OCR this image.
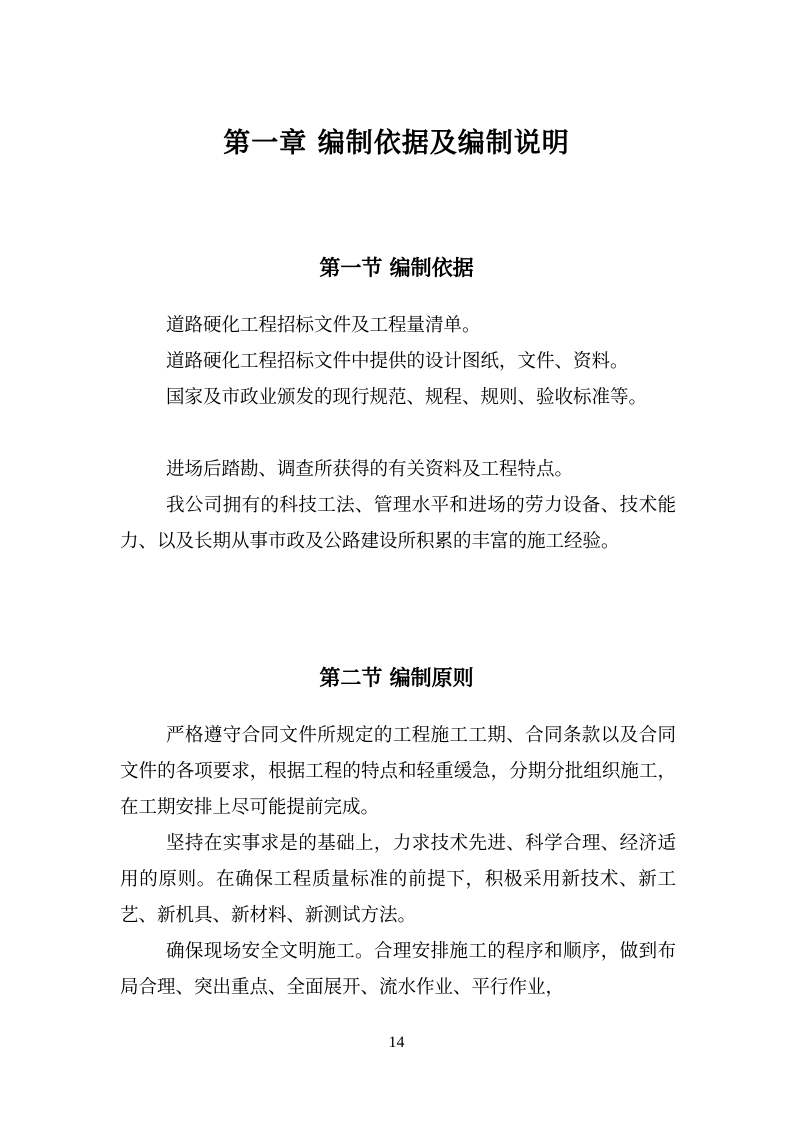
第一章 编制依据及编制说明
第一节 编制依据

道路硬化工程招标文件及工程量清单。

道路硬化工程招标文件中提供的设计图纸，文件、资料。

国家及市政业颁发的现行规范、规程、规则、验收标准等。

进场后踏勘、调查所获得的有关资料及工程特点。

我公司拥有的科技工法、管理水平和进场的劳力设备、技术能力、以及长期从事市政及公路建设所积累的丰富的施工经验。

第二节 编制原则

严格遵守合同文件所规定的工程施工工期、合同条款以及合同文件的各项要求，根据工程的特点和轻重缓急，分期分批组织施工，在工期安排上尽可能提前完成。

坚持在实事求是的基础上，力求技术先进、科学合理、经济适用的原则。在确保工程质量标准的前提下，积极采用新技术、新工艺、新机具、新材料、新测试方法。

确保现场安全文明施工。合理安排施工的程序和顺序，做到布局合理、突出重点、全面展开、流水作业、平行作业，

14
